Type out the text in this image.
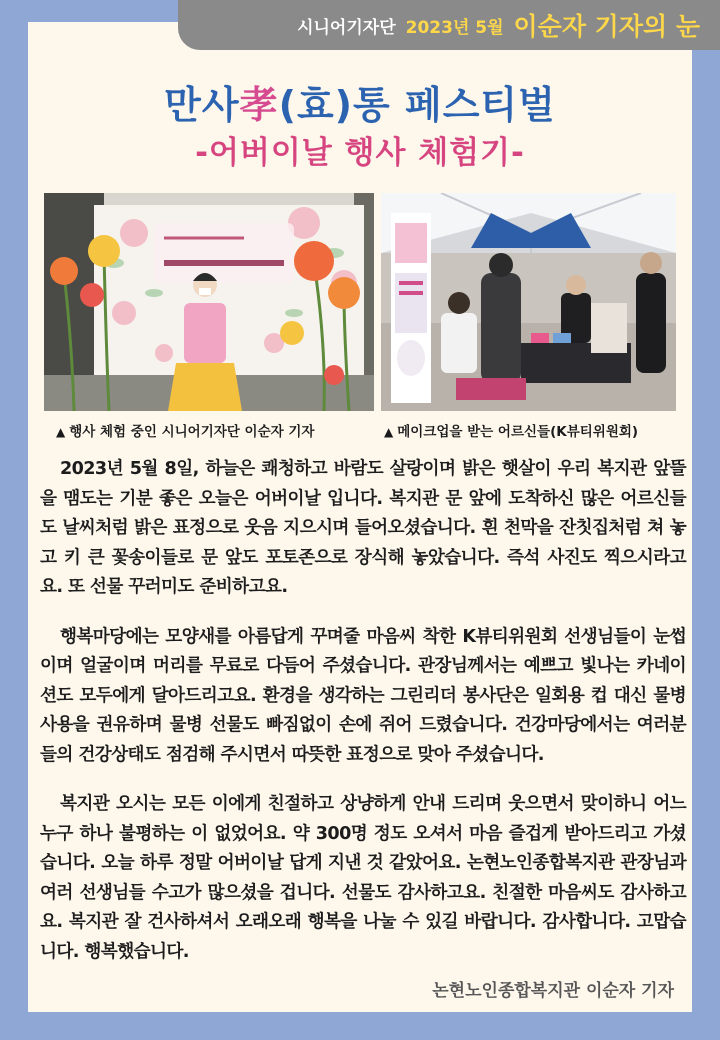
시니어기자단 2023년 5월 이순자 기자의 눈
만사孝(효)통 페스티벌
-어버이날 행사 체험기-
▲ 행사 체험 중인 시니어기자단 이순자 기자	▲ 메이크업을 받는 어르신들(K뷰티위원회)

2023년 5월 8일, 하늘은 쾌청하고 바람도 살랑이며 밝은 햇살이 우리 복지관 앞뜰을 맴도는 기분 좋은 오늘은 어버이날 입니다. 복지관 문 앞에 도착하신 많은 어르신들도 날씨처럼 밝은 표정으로 웃음 지으시며 들어오셨습니다. 흰 천막을 잔칫집처럼 쳐 놓고 키 큰 꽃송이들로 문 앞도 포토존으로 장식해 놓았습니다. 즉석 사진도 찍으시라고요. 또 선물 꾸러미도 준비하고요.

행복마당에는 모양새를 아름답게 꾸며줄 마음씨 착한 K뷰티위원회 선생님들이 눈썹이며 얼굴이며 머리를 무료로 다듬어 주셨습니다. 관장님께서는 예쁘고 빛나는 카네이션도 모두에게 달아드리고요. 환경을 생각하는 그린리더 봉사단은 일회용 컵 대신 물병 사용을 권유하며 물병 선물도 빠짐없이 손에 쥐어 드렸습니다. 건강마당에서는 여러분들의 건강상태도 점검해 주시면서 따뜻한 표정으로 맞아 주셨습니다.

복지관 오시는 모든 이에게 친절하고 상냥하게 안내 드리며 웃으면서 맞이하니 어느 누구 하나 불평하는 이 없었어요. 약 300명 정도 오셔서 마음 즐겁게 받아드리고 가셨습니다. 오늘 하루 정말 어버이날 답게 지낸 것 같았어요. 논현노인종합복지관 관장님과 여러 선생님들 수고가 많으셨을 겁니다. 선물도 감사하고요. 친절한 마음씨도 감사하고요. 복지관 잘 건사하셔서 오래오래 행복을 나눌 수 있길 바랍니다. 감사합니다. 고맙습니다. 행복했습니다.

논현노인종합복지관 이순자 기자
